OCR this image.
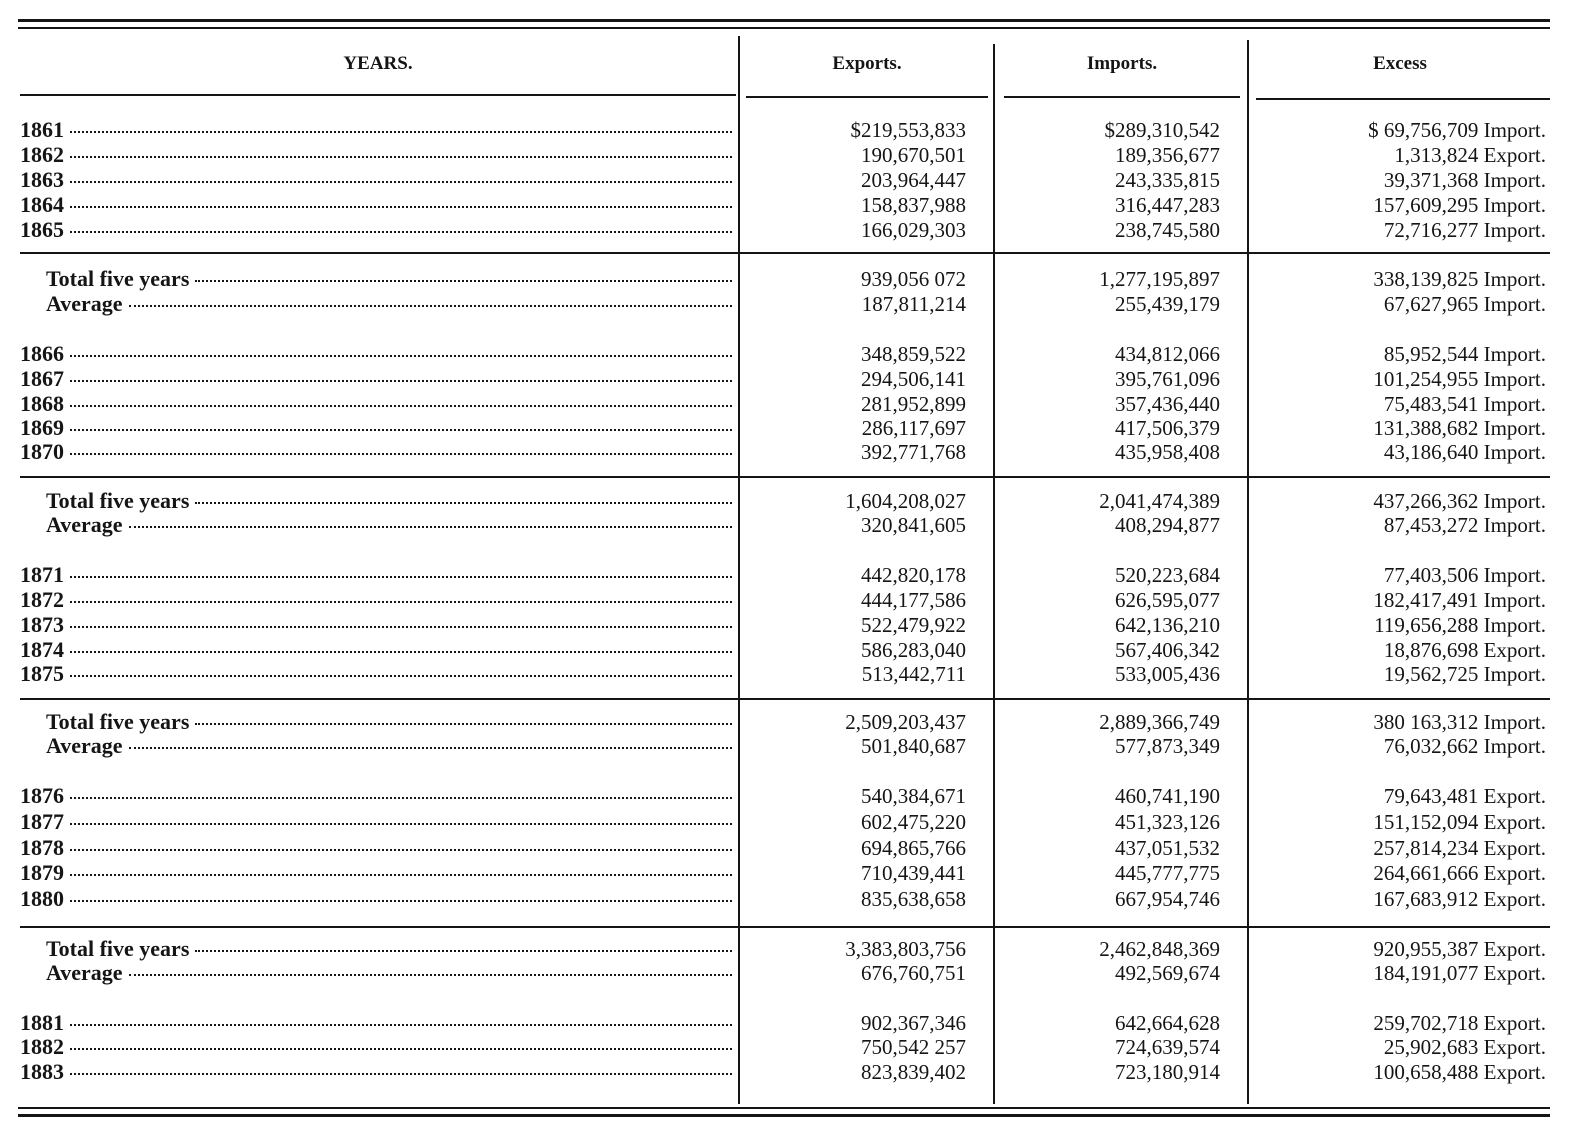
YEARS.	Exports.	Imports.	Excess
1861	$219,553,833	$289,310,542	$ 69,756,709 Import.
1862	190,670,501	189,356,677	1,313,824 Export.
1863	203,964,447	243,335,815	39,371,368 Import.
1864	158,837,988	316,447,283	157,609,295 Import.
1865	166,029,303	238,745,580	72,716,277 Import.
Total five years	939,056 072	1,277,195,897	338,139,825 Import.
Average	187,811,214	255,439,179	67,627,965 Import.
1866	348,859,522	434,812,066	85,952,544 Import.
1867	294,506,141	395,761,096	101,254,955 Import.
1868	281,952,899	357,436,440	75,483,541 Import.
1869	286,117,697	417,506,379	131,388,682 Import.
1870	392,771,768	435,958,408	43,186,640 Import.
Total five years	1,604,208,027	2,041,474,389	437,266,362 Import.
Average	320,841,605	408,294,877	87,453,272 Import.
1871	442,820,178	520,223,684	77,403,506 Import.
1872	444,177,586	626,595,077	182,417,491 Import.
1873	522,479,922	642,136,210	119,656,288 Import.
1874	586,283,040	567,406,342	18,876,698 Export.
1875	513,442,711	533,005,436	19,562,725 Import.
Total five years	2,509,203,437	2,889,366,749	380 163,312 Import.
Average	501,840,687	577,873,349	76,032,662 Import.
1876	540,384,671	460,741,190	79,643,481 Export.
1877	602,475,220	451,323,126	151,152,094 Export.
1878	694,865,766	437,051,532	257,814,234 Export.
1879	710,439,441	445,777,775	264,661,666 Export.
1880	835,638,658	667,954,746	167,683,912 Export.
Total five years	3,383,803,756	2,462,848,369	920,955,387 Export.
Average	676,760,751	492,569,674	184,191,077 Export.
1881	902,367,346	642,664,628	259,702,718 Export.
1882	750,542 257	724,639,574	25,902,683 Export.
1883	823,839,402	723,180,914	100,658,488 Export.
